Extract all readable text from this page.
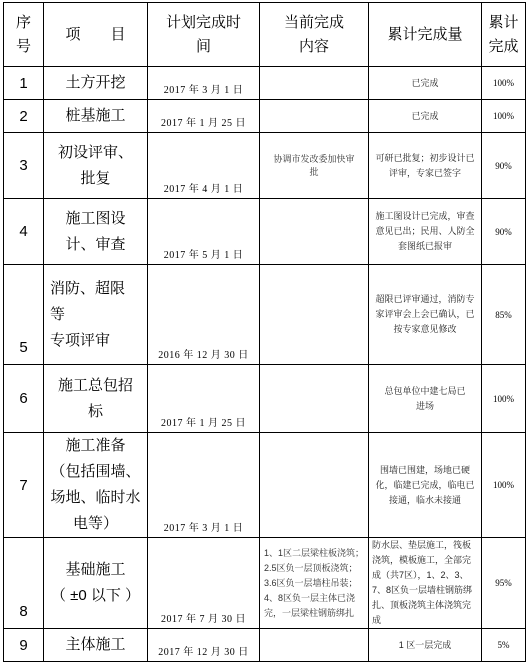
序
号	项　　目	计划完成时
间	当前完成
内容	累计完成量	累计
完成
1	土方开挖	2017 年 3 月 1 日		已完成	100%
2	桩基施工	2017 年 1 月 25 日		已完成	100%
3	初设评审、
批复	2017 年 4 月 1 日	协调市发改委加快审批	可研已批复；初步设计已评审，专家已签字	90%
4	施工图设
计、审查	2017 年 5 月 1 日		施工图设计已完成，审查意见已出；民用、人防全套图纸已报审	90%
5	消防、超限
等
专项评审	2016 年 12 月 30 日		超限已评审通过，消防专家评审会上会已确认，已按专家意见修改	85%
6	施工总包招
标	2017 年 1 月 25 日		总包单位中建七局已进场	100%
7	施工准备
（包括围墙、场地、临时水电等）	2017 年 3 月 1 日		围墙已围建，场地已硬化，临建已完成，临电已接通，临水未接通	100%
8	基础施工
（ ±0 以下 ）	2017 年 7 月 30 日	1、1区二层梁柱板浇筑；2.5区负一层顶板浇筑；3.6区负一层墙柱吊装；4、8区负一层主体已浇完，一层梁柱钢筋绑扎	防水层、垫层施工，筏板浇筑，模板施工，全部完成（共7区），1、2、3、7、8区负一层墙柱钢筋绑扎、顶板浇筑主体浇筑完成	95%
9	主体施工	2017 年 12 月 30 日		1 区一层完成	5%
